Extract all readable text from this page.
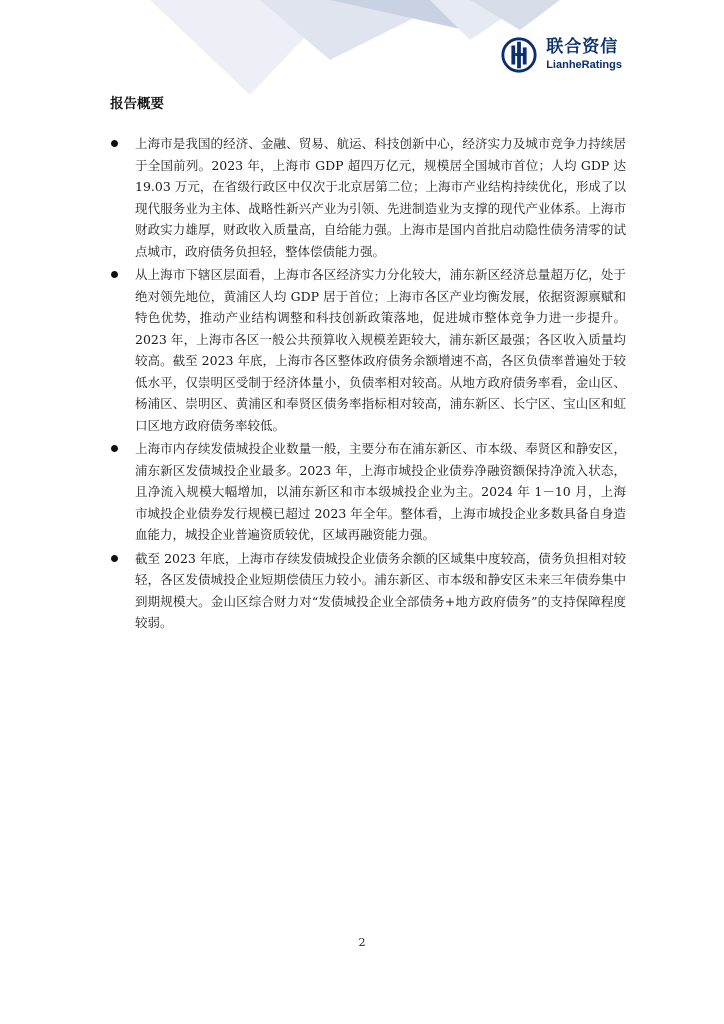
联合资信
LianheRatings
报告概要
上海市是我国的经济、金融、贸易、航运、科技创新中心，经济实力及城市竞争力持续居于全国前列。2023 年，上海市 GDP 超四万亿元，规模居全国城市首位；人均 GDP 达 19.03 万元，在省级行政区中仅次于北京居第二位；上海市产业结构持续优化，形成了以现代服务业为主体、战略性新兴产业为引领、先进制造业为支撑的现代产业体系。上海市财政实力雄厚，财政收入质量高，自给能力强。上海市是国内首批启动隐性债务清零的试点城市，政府债务负担轻，整体偿债能力强。
从上海市下辖区层面看，上海市各区经济实力分化较大，浦东新区经济总量超万亿，处于绝对领先地位，黄浦区人均 GDP 居于首位；上海市各区产业均衡发展，依据资源禀赋和特色优势，推动产业结构调整和科技创新政策落地，促进城市整体竞争力进一步提升。2023 年，上海市各区一般公共预算收入规模差距较大，浦东新区最强；各区收入质量均较高。截至 2023 年底，上海市各区整体政府债务余额增速不高，各区负债率普遍处于较低水平，仅崇明区受制于经济体量小，负债率相对较高。从地方政府债务率看，金山区、杨浦区、崇明区、黄浦区和奉贤区债务率指标相对较高，浦东新区、长宁区、宝山区和虹口区地方政府债务率较低。
上海市内存续发债城投企业数量一般，主要分布在浦东新区、市本级、奉贤区和静安区，浦东新区发债城投企业最多。2023 年，上海市城投企业债券净融资额保持净流入状态，且净流入规模大幅增加，以浦东新区和市本级城投企业为主。2024 年 1－10 月，上海市城投企业债券发行规模已超过 2023 年全年。整体看，上海市城投企业多数具备自身造血能力，城投企业普遍资质较优，区域再融资能力强。
截至 2023 年底，上海市存续发债城投企业债务余额的区域集中度较高，债务负担相对较轻，各区发债城投企业短期偿债压力较小。浦东新区、市本级和静安区未来三年债券集中到期规模大。金山区综合财力对“发债城投企业全部债务+地方政府债务”的支持保障程度较弱。
2
